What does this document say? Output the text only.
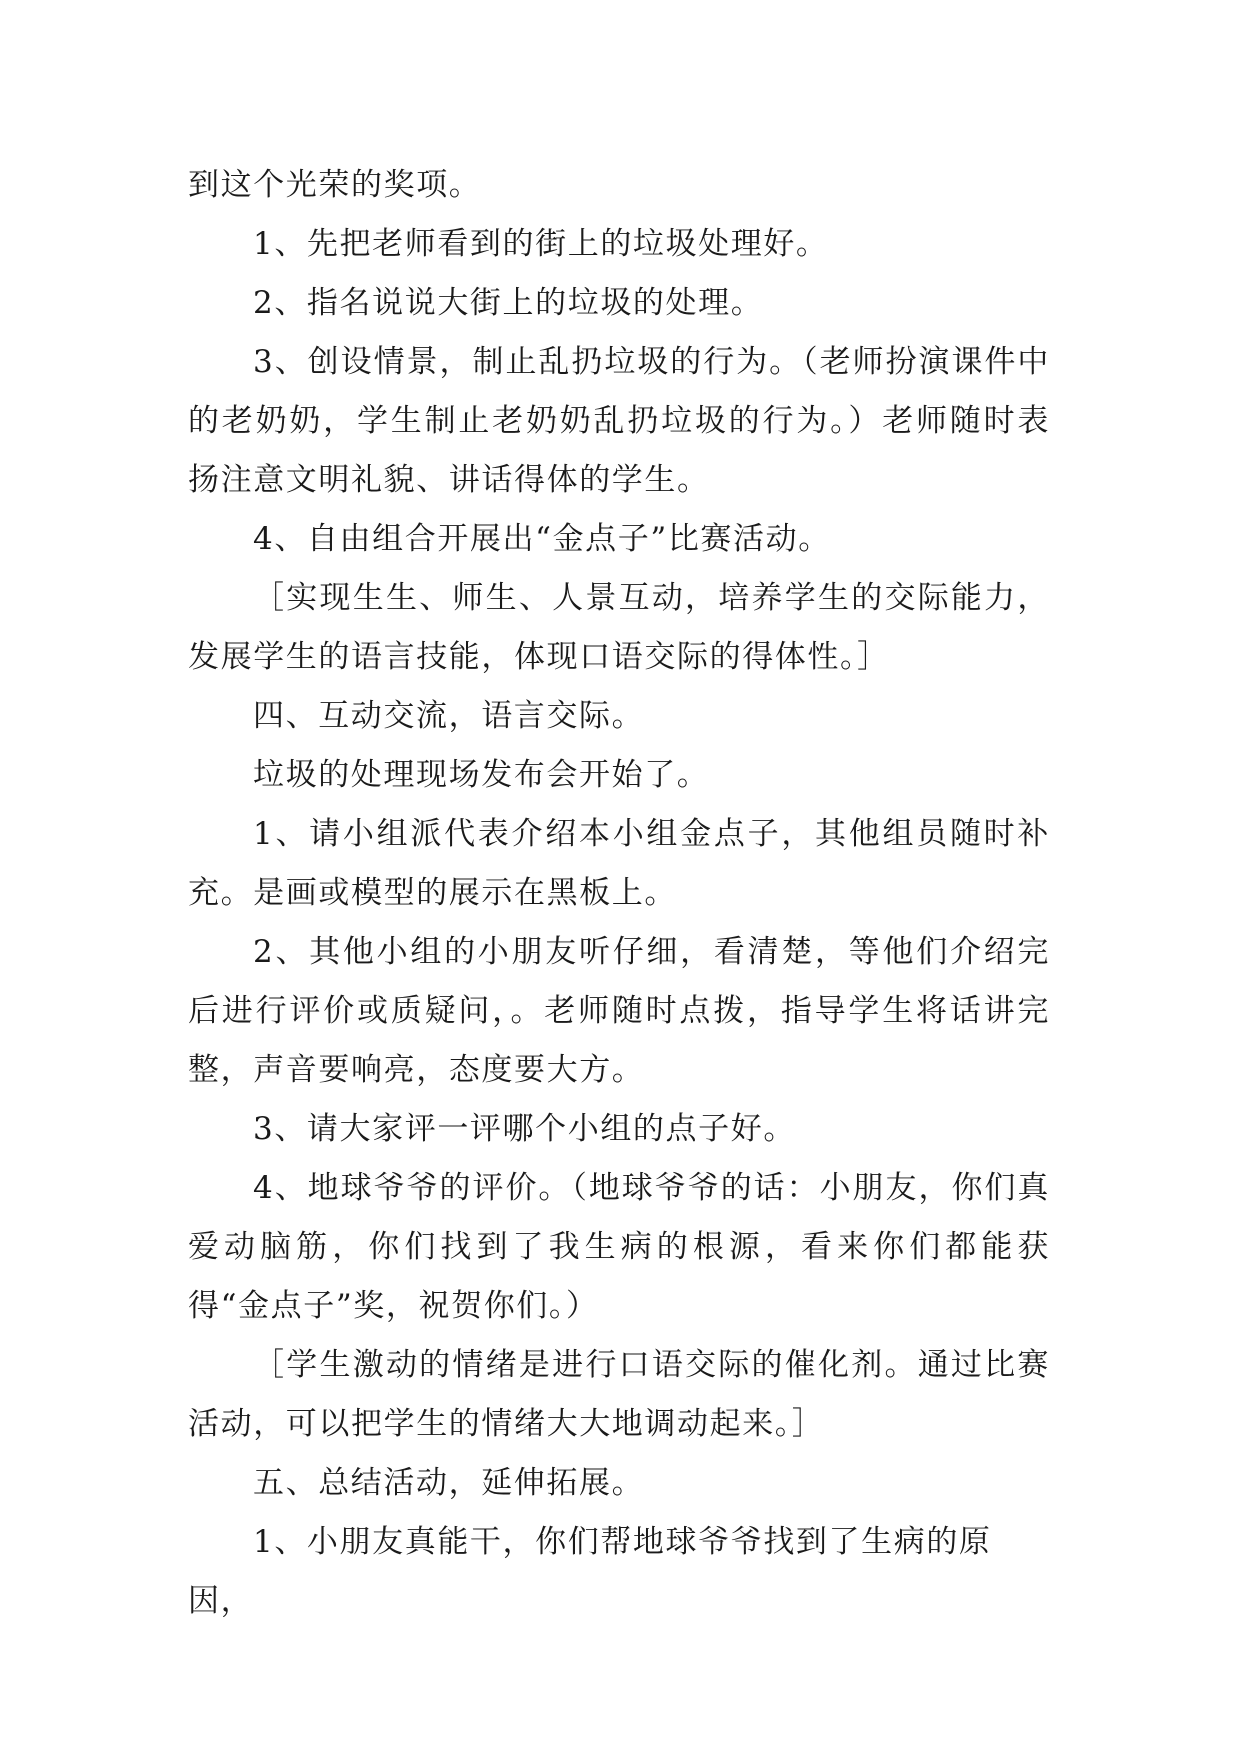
到这个光荣的奖项。

1、先把老师看到的街上的垃圾处理好。

2、指名说说大街上的垃圾的处理。

3、创设情景，制止乱扔垃圾的行为。（老师扮演课件中的老奶奶，学生制止老奶奶乱扔垃圾的行为。）老师随时表扬注意文明礼貌、讲话得体的学生。

4、自由组合开展出“金点子”比赛活动。

［实现生生、师生、人景互动，培养学生的交际能力，发展学生的语言技能，体现口语交际的得体性。］

四、互动交流，语言交际。

垃圾的处理现场发布会开始了。

1、请小组派代表介绍本小组金点子，其他组员随时补充。是画或模型的展示在黑板上。

2、其他小组的小朋友听仔细，看清楚，等他们介绍完后进行评价或质疑问，。老师随时点拨，指导学生将话讲完整，声音要响亮，态度要大方。

3、请大家评一评哪个小组的点子好。

4、地球爷爷的评价。（地球爷爷的话：小朋友，你们真爱动脑筋，你们找到了我生病的根源，看来你们都能获得“金点子”奖，祝贺你们。）

［学生激动的情绪是进行口语交际的催化剂。通过比赛活动，可以把学生的情绪大大地调动起来。］

五、总结活动，延伸拓展。

1、小朋友真能干，你们帮地球爷爷找到了生病的原因，
